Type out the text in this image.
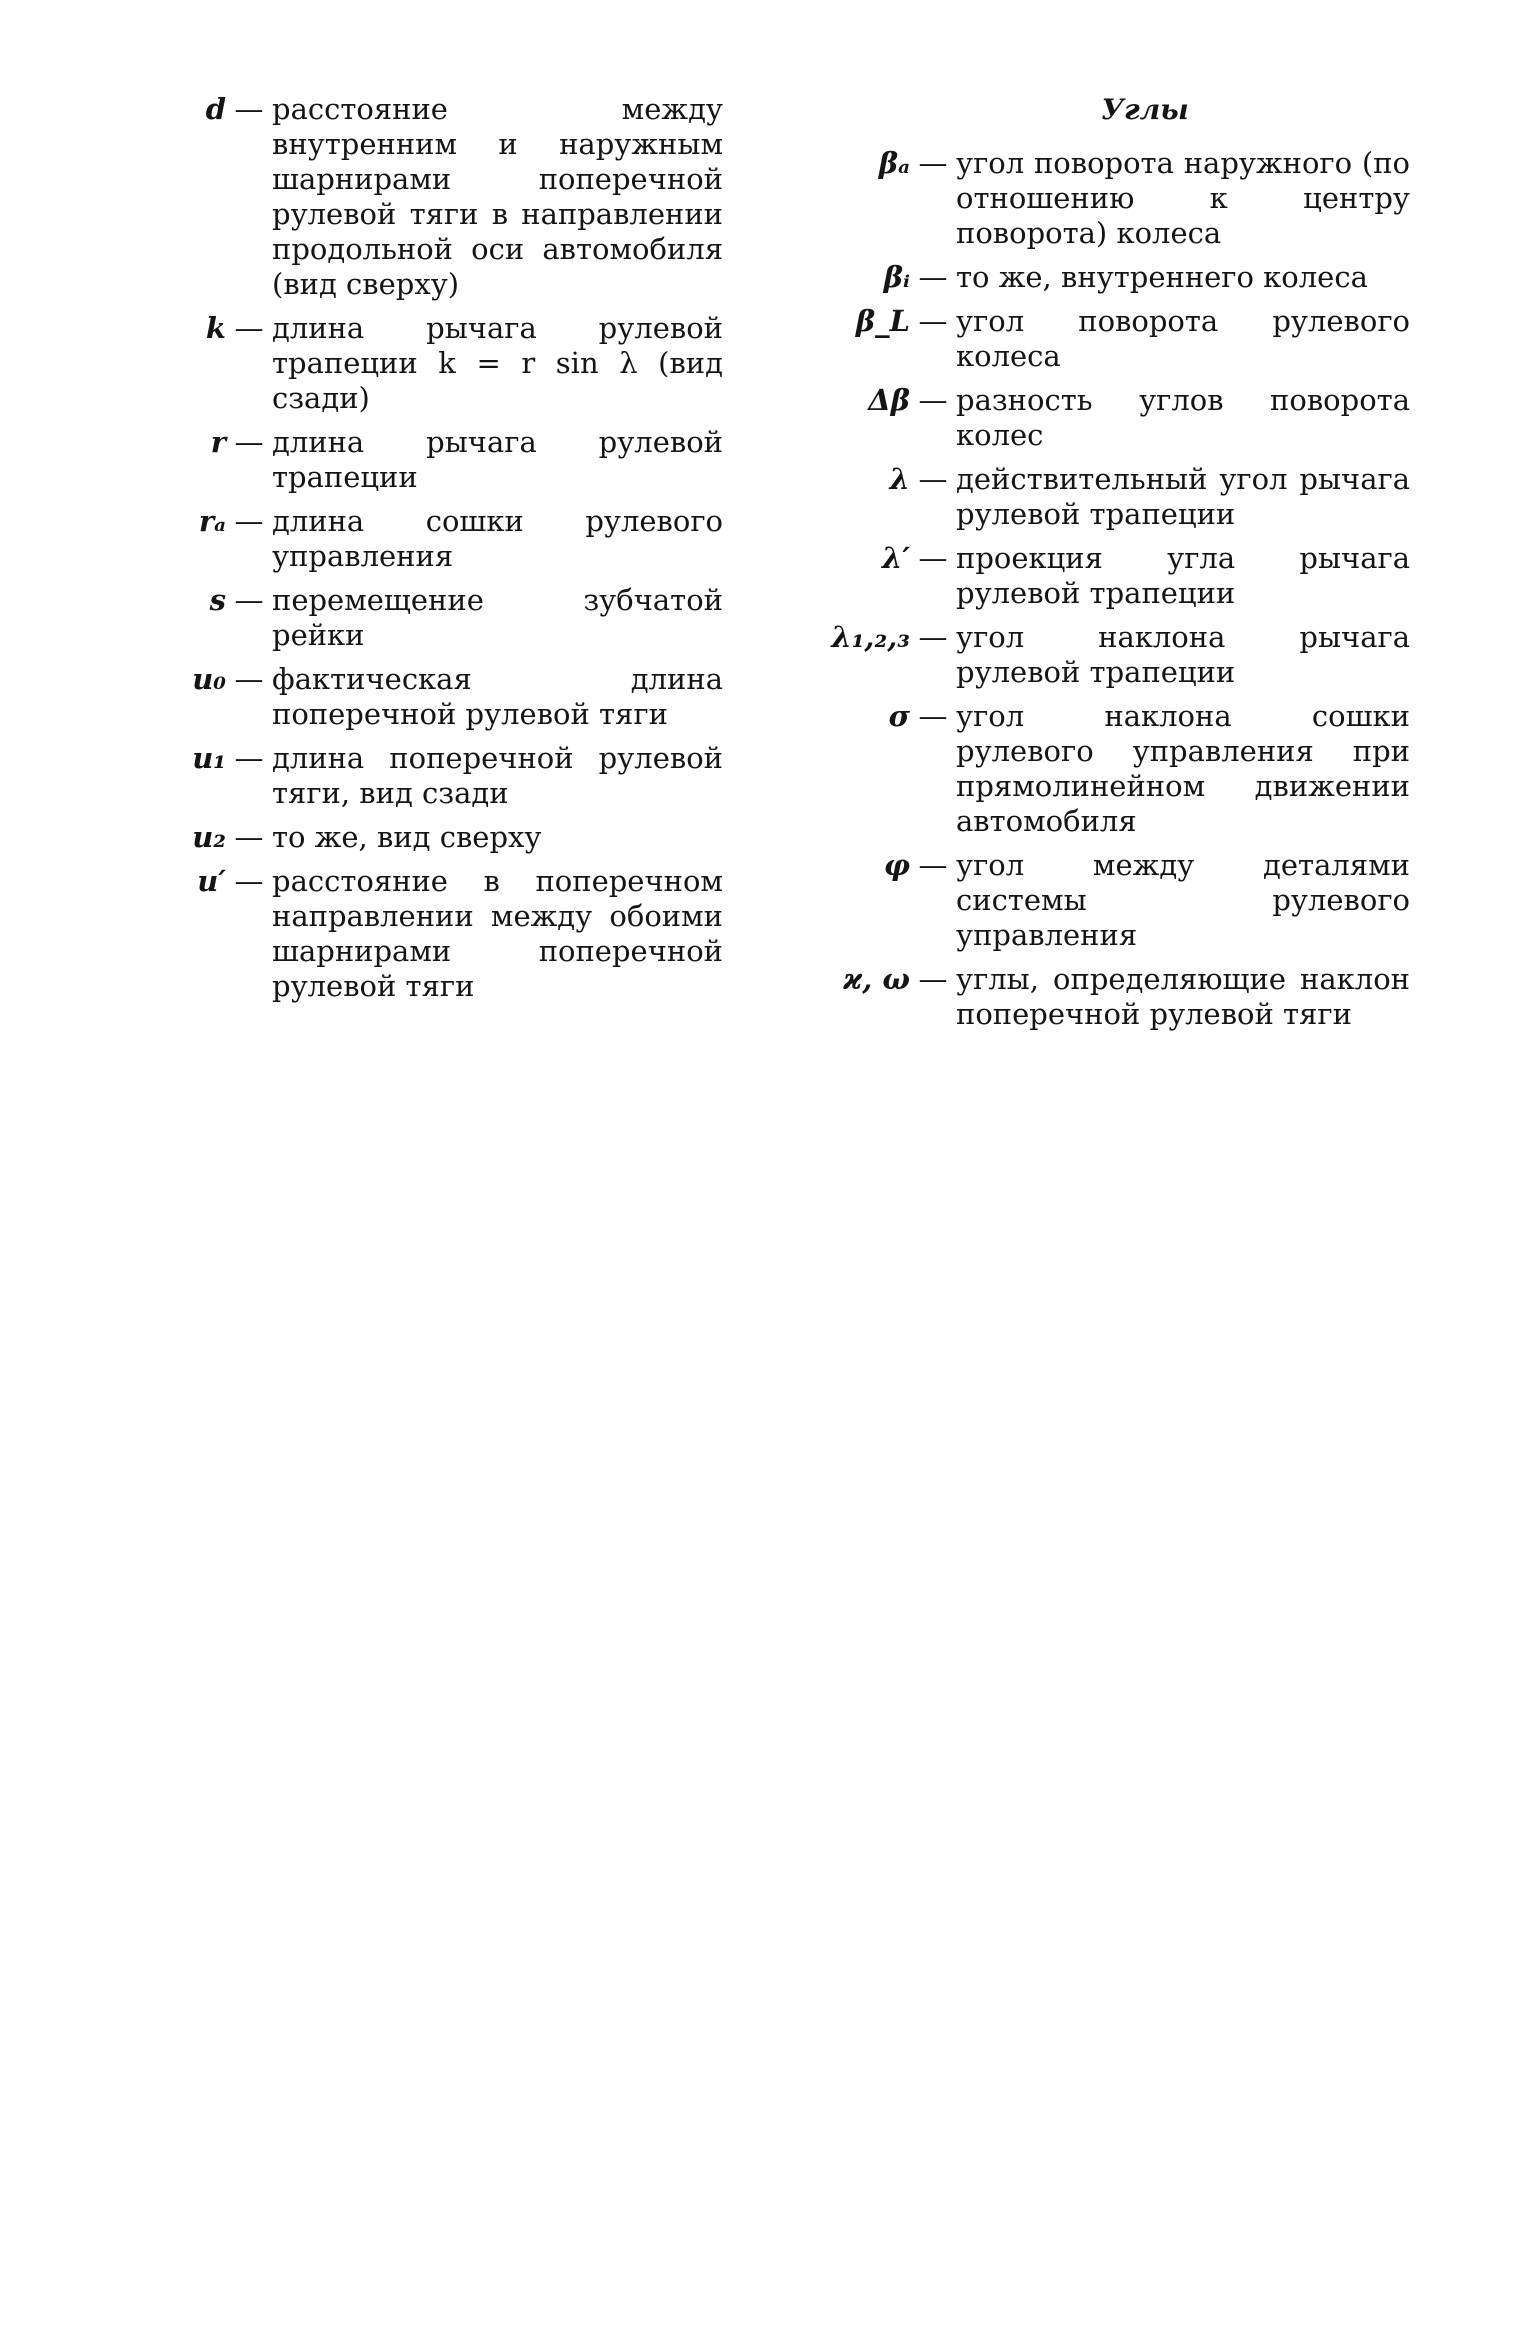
d — расстояние между внутренним и наружным шарнирами поперечной рулевой тяги в направлении продольной оси автомобиля (вид сверху)
k — длина рычага рулевой трапеции k = r sin λ (вид сзади)
r — длина рычага рулевой трапеции
rₐ — длина сошки рулевого управления
s — перемещение зубчатой рейки
u₀ — фактическая длина поперечной рулевой тяги
u₁ — длина поперечной рулевой тяги, вид сзади
u₂ — то же, вид сверху
u′ — расстояние в поперечном направлении между обоими шарнирами поперечной рулевой тяги
Углы
βₐ — угол поворота наружного (по отношению к центру поворота) колеса
βᵢ — то же, внутреннего колеса
β_L — угол поворота рулевого колеса
Δβ — разность углов поворота колес
λ — действительный угол рычага рулевой трапеции
λ′ — проекция угла рычага рулевой трапеции
λ₁,₂,₃ — угол наклона рычага рулевой трапеции
σ — угол наклона сошки рулевого управления при прямолинейном движении автомобиля
φ — угол между деталями системы рулевого управления
ϰ, ω — углы, определяющие наклон поперечной рулевой тяги
